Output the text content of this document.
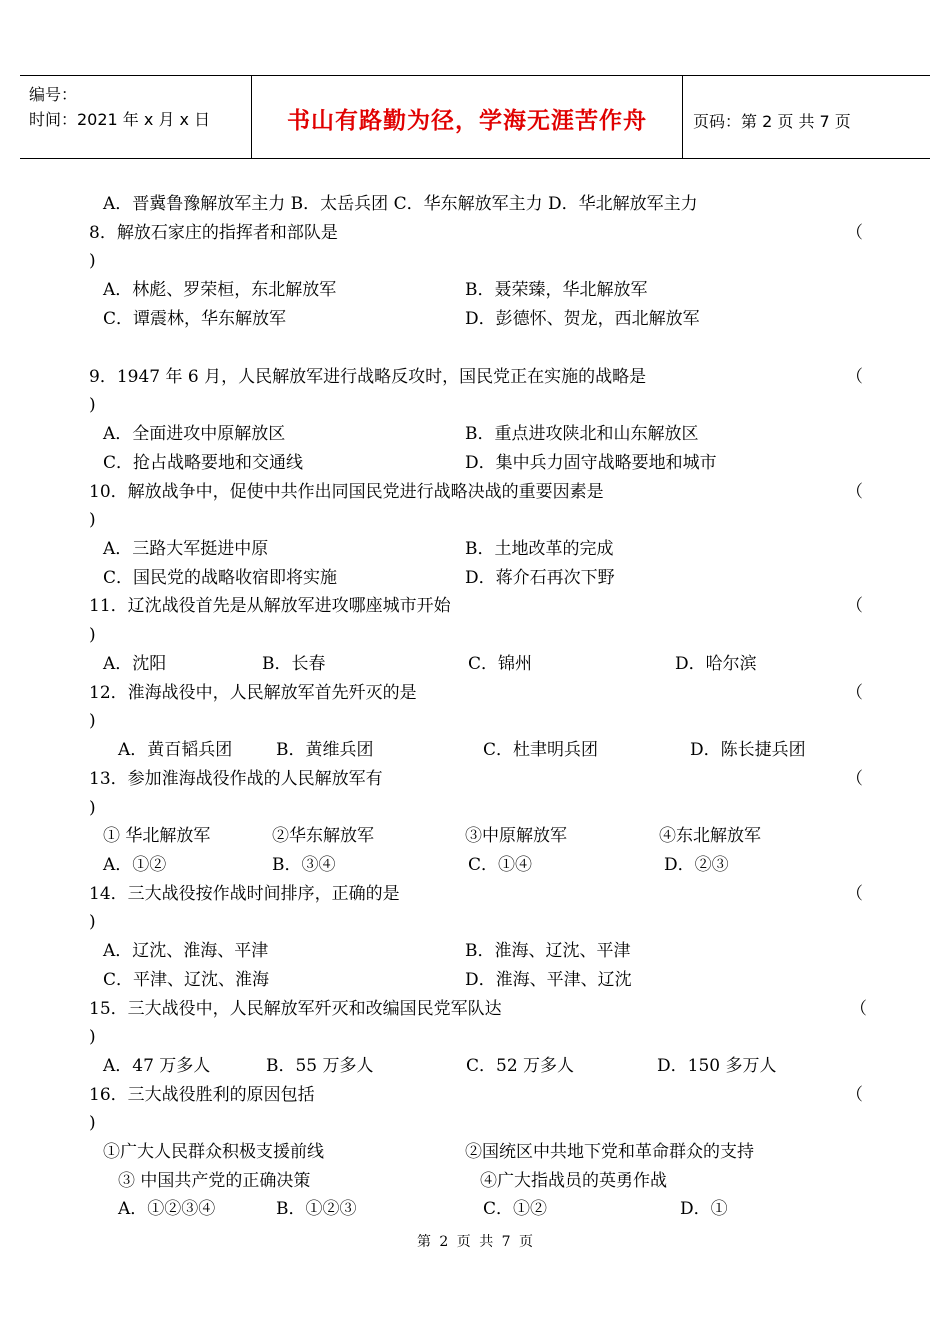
编号：
时间：2021 年 x 月 x 日	书山有路勤为径，学海无涯苦作舟	页码：第 2 页 共 7 页
A．晋冀鲁豫解放军主力 B．太岳兵团 C．华东解放军主力 D．华北解放军主力
8．解放石家庄的指挥者和部队是	（
)
A．林彪、罗荣桓，东北解放军	B．聂荣臻，华北解放军
C．谭震林，华东解放军	D．彭德怀、贺龙，西北解放军
9．1947 年 6 月，人民解放军进行战略反攻时，国民党正在实施的战略是	（
)
A．全面进攻中原解放区	B．重点进攻陕北和山东解放区
C．抢占战略要地和交通线	D．集中兵力固守战略要地和城市
10．解放战争中，促使中共作出同国民党进行战略决战的重要因素是	（
)
A．三路大军挺进中原	B．土地改革的完成
C．国民党的战略收宿即将实施	D．蒋介石再次下野
11．辽沈战役首先是从解放军进攻哪座城市开始	（
)
A．沈阳	B．长春	C．锦州	D．哈尔滨
12．淮海战役中，人民解放军首先歼灭的是	（
)
A．黄百韬兵团	B．黄维兵团	C．杜聿明兵团	D．陈长捷兵团
13．参加淮海战役作战的人民解放军有	（
)
① 华北解放军	②华东解放军	③中原解放军	④东北解放军
A．①②	B．③④	C．①④	D．②③
14．三大战役按作战时间排序，正确的是	（
)
A．辽沈、淮海、平津	B．淮海、辽沈、平津
C．平津、辽沈、淮海	D．淮海、平津、辽沈
15．三大战役中，人民解放军歼灭和改编国民党军队达	（
)
A．47 万多人	B．55 万多人	C．52 万多人	D．150 多万人
16．三大战役胜利的原因包括	（
)
①广大人民群众积极支援前线	②国统区中共地下党和革命群众的支持
③ 中国共产党的正确决策	④广大指战员的英勇作战
A．①②③④	B．①②③	C．①②	D．①
第 2 页 共 7 页
